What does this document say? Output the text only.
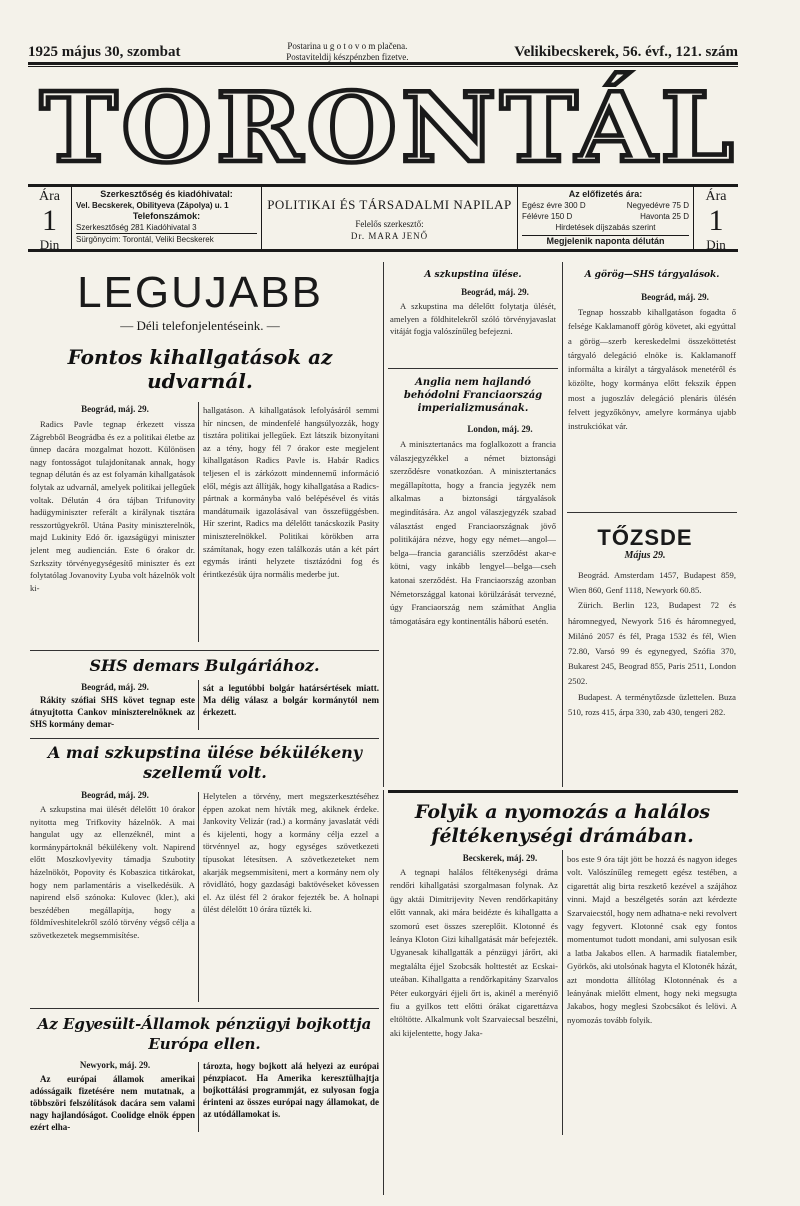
1925 május 30, szombat	Postarina u g o t o v o m plačena.
Postaviteldij készpénzben fizetve.	Velikibecskerek, 56. évf., 121. szám
TORONTÁL
Ára
1
Din
Szerkesztőség és kiadóhivatal:
Vel. Becskerek, Obilityeva (Zápolya) u. 1
Telefonszámok:
Szerkesztőség 281 Kiadóhivatal 3
Sürgönycim: Torontál, Veliki Becskerek
POLITIKAI ÉS TÁRSADALMI NAPILAP
Felelős szerkesztő:
Dr. MARA JENŐ
Az előfizetés ára:
Egész évre 300 D	Negyedévre 75 D
Félévre 150 D	Havonta 25 D
Hirdetések díjszabás szerint
Megjelenik naponta délután
Ára
1
Din
LEGUJABB
— Déli telefonjelentéseink. —
Fontos kihallgatások az udvarnál.
Beográd, máj. 29.

Radics Pavle tegnap érkezett vissza Zágrebből Beográdba és ez a politikai életbe az ünnep dacára mozgalmat hozott. Különösen nagy fontosságot tulajdonítanak annak, hogy tegnap délután és az est folyamán kihallgatások folytak az udvarnál, amelyek politikai jellegűek voltak. Délután 4 óra tájban Trifunovity hadügyminiszter referált a királynak tisztára resszortügyekről. Utána Pasity miniszterelnök, majd Lukinity Edó őr. igazságügyi miniszter jelent meg audiencián. Este 6 órakor dr. Szrkszity törvényegységesítő miniszter és ezt folytatólag Jovanovity Lyuba volt házelnök volt ki-

hallgatáson. A kihallgatások lefolyásáról semmi hír nincsen, de mindenfelé hangsúlyozzák, hogy tisztára politikai jellegűek. Ezt látszik bizonyítani az a tény, hogy fél 7 órakor este megjelent kihallgatáson Radics Pavle is. Habár Radics teljesen el is zárkózott mindennemű információ elől, mégis azt állítják, hogy kihallgatása a Radics-pártnak a kormányba való belépésével és vitás mandátumaik igazolásával van összefüggésben. Hír szerint, Radics ma délelőtt tanácskozik Pasity miniszterelnökkel. Politikai körökben arra számítanak, hogy ezen találkozás után a két párt egymás iránti helyzete tisztázódni fog és érintkezésük újra normális mederbe jut.

SHS demars Bulgáriához.
Beográd, máj. 29.

Rákity szófiai SHS követ tegnap este átnyujtotta Cankov miniszterelnöknek az SHS kormány demar-

sát a legutóbbi bolgár határsértések miatt. Ma délig válasz a bolgár kormánytól nem érkezett.

A mai szkupstina ülése békülékeny szellemű volt.
Beográd, máj. 29.

A szkupstina mai ülését délelőtt 10 órakor nyitotta meg Trifkovity házelnök. A mai hangulat ugy az ellenzéknél, mint a kormánypártoknál békülékeny volt. Napirend előtt Moszkovlyevity támadja Szubotity házelnököt, Popovity és Kobaszica titkárokat, hogy nem parlamentáris a viselkedésük. A napirend első szónoka: Kulovec (kler.), aki beszédében megállapítja, hogy a földmíveshitelekről szóló törvény végső célja a szövetkezetek megsemmisítése.

Helytelen a törvény, mert megszerkesztéséhez éppen azokat nem hívták meg, akiknek érdeke. Jankovity Velizár (rad.) a kormány javaslatát védi és kijelenti, hogy a kormány célja ezzel a törvénnyel az, hogy egységes szövetkezeti típusokat létesítsen. A szövetkezeteket nem akarják megsemmisíteni, mert a kormány nem oly rövidlátó, hogy gazdasági baktövéseket kövessen el. Az ülést fél 2 órakor fejezték be. A holnapi ülést délelőtt 10 órára tűzték ki.

Az Egyesült-Államok pénzügyi bojkottja Európa ellen.
Newyork, máj. 29.

Az európai államok amerikai adósságaik fizetésére nem mutatnak, a többszöri felszólítások dacára sem valami nagy hajlandóságot. Coolidge elnök éppen ezért elha-

tározta, hogy bojkott alá helyezi az európai pénzpiacot. Ha Amerika keresztülhajtja bojkottálási programmját, ez sulyosan fogja érinteni az összes európai nagy államokat, de az utódállamokat is.

A szkupstina ülése.
Beográd, máj. 29.

A szkupstina ma délelőtt folytatja ülését, amelyen a földhitelekről szóló törvényjavaslat vitáját fogja valószínűleg befejezni.

Anglia nem hajlandó behódolni Franciaország imperializmusának.
London, máj. 29.

A minisztertanács ma foglalkozott a francia válaszjegyzékkel a német biztonsági szerződésre vonatkozóan. A minisztertanács megállapította, hogy a francia jegyzék nem alkalmas a biztonsági tárgyalások megindítására. Az angol válaszjegyzék szabad választást enged Franciaországnak jövő politikájára nézve, hogy egy német—angol—belga—francia garanciális szerződést akar-e kötni, vagy inkább lengyel—belga—cseh katonai szerződést. Ha Franciaország azonban Németországgal katonai körülzárását tervezné, úgy Franciaország nem számíthat Anglia támogatására egy kontinentális háború esetén.

A görög—SHS tárgyalások.
Beográd, máj. 29.

Tegnap hosszabb kihallgatáson fogadta ő felsége Kaklamanoff görög követet, aki egyúttal a görög—szerb kereskedelmi összeköttetést tárgyaló delegáció elnöke is. Kaklamanoff informálta a királyt a tárgyalások menetéről és közölte, hogy kormánya előtt fekszik éppen most a jugoszláv delegáció plenáris ülésén felvett jegyzőkönyv, amelyre kormánya ujabb instrukciókat vár.

TŐZSDE
Május 29.

Beográd. Amsterdam 1457, Budapest 859, Wien 860, Genf 1118, Newyork 60.85.

Zürich. Berlin 123, Budapest 72 és háromnegyed, Newyork 516 és háromnegyed, Milánó 2057 és fél, Praga 1532 és fél, Wien 72.80, Varsó 99 és egynegyed, Szófia 370, Bukarest 245, Beograd 855, Paris 2511, London 2502.

Budapest. A terménytőzsde üzlettelen. Buza 510, rozs 415, árpa 330, zab 430, tengeri 282.

Folyik a nyomozás a halálos féltékenységi drámában.
Becskerek, máj. 29.

A tegnapi halálos féltékenységi dráma rendőri kihallgatási szorgalmasan folynak. Az ügy aktái Dimitrijevity Neven rendőrkapitány előtt vannak, aki mára beidézte és kihallgatta a szomorú eset összes szereplőit. Klotonné és leánya Kloton Gizi kihallgatását már befejezték. Ugyanesak kihallgatták a pénzügyi járőrt, aki megtalálta éjjel Szobcsák holttestét az Ecskai-uteában. Kihallgatta a rendőrkapitány Szarvalos Péter eukorgyári éjjeli őrt is, akinél a merényiő fiu a gyilkos tett előtti órákat cigarettázva eltöltötte. Alkalmunk volt Szarvaiecsal beszélni, aki kijelentette, hogy Jaka-

bos este 9 óra tájt jött be hozzá és nagyon ideges volt. Valószínűleg remegett egész testében, a cigarettát alig birta reszkető kezével a szájához vinni. Majd a beszélgetés során azt kérdezte Szarvaiecstól, hogy nem adhatna-e neki revolvert vagy fegyvert. Klotonné csak egy fontos momentumot tudott mondani, ami sulyosan esik a latba Jakabos ellen. A harmadik fiatalember, Györkös, aki utolsónak hagyta el Klotonék házát, azt mondotta állítólag Klotonnénak és a leányának mielőtt elment, hogy neki megsugta Jakabos, hogy meglesi Szobcsákot és lelövi. A nyomozás tovább folyik.
